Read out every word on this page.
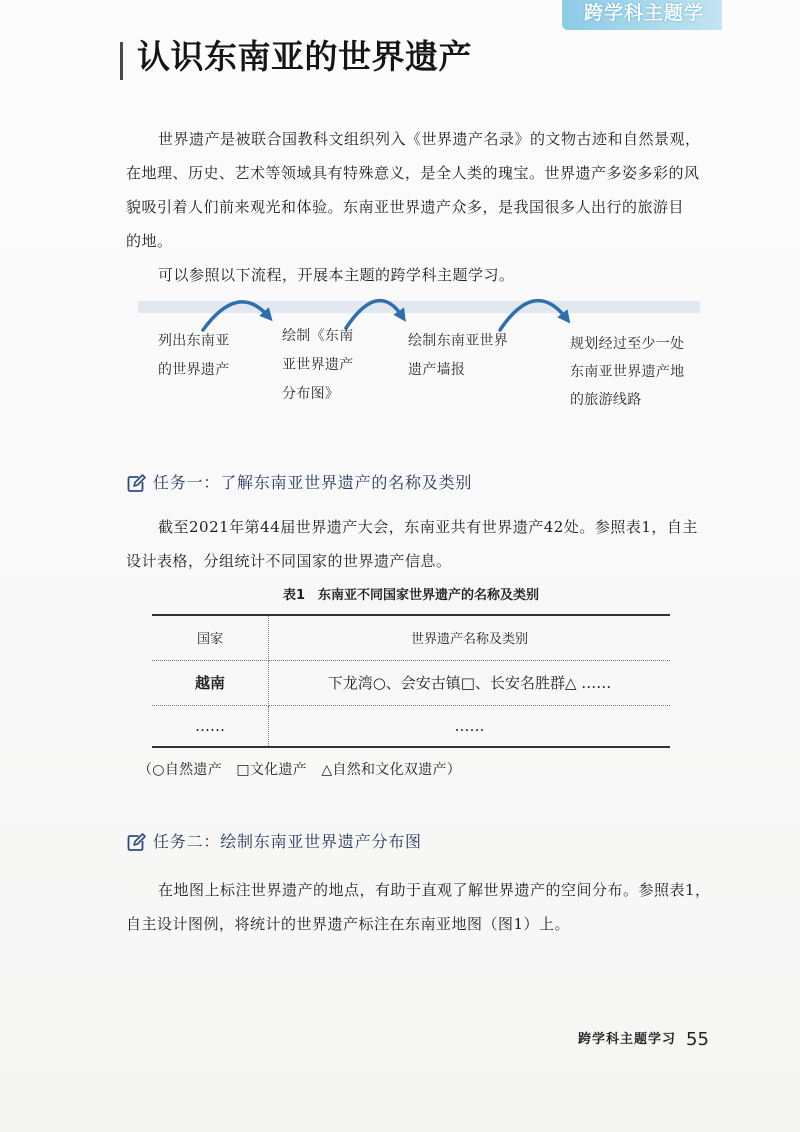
跨学科主题学
认识东南亚的世界遗产
世界遗产是被联合国教科文组织列入《世界遗产名录》的文物古迹和自然景观，
在地理、历史、艺术等领域具有特殊意义，是全人类的瑰宝。世界遗产多姿多彩的风
貌吸引着人们前来观光和体验。东南亚世界遗产众多，是我国很多人出行的旅游目
的地。
可以参照以下流程，开展本主题的跨学科主题学习。
列出东南亚
的世界遗产
绘制《东南
亚世界遗产
分布图》
绘制东南亚世界
遗产墙报
规划经过至少一处
东南亚世界遗产地
的旅游线路
任务一：了解东南亚世界遗产的名称及类别
截至2021年第44届世界遗产大会，东南亚共有世界遗产42处。参照表1，自主
设计表格，分组统计不同国家的世界遗产信息。
表1　东南亚不同国家世界遗产的名称及类别
国家	世界遗产名称及类别
越南	下龙湾○、会安古镇□、长安名胜群△ ……
……	……
（○自然遗产　□文化遗产　△自然和文化双遗产）
任务二：绘制东南亚世界遗产分布图
在地图上标注世界遗产的地点，有助于直观了解世界遗产的空间分布。参照表1，
自主设计图例，将统计的世界遗产标注在东南亚地图（图1）上。
跨学科主题学习 55
